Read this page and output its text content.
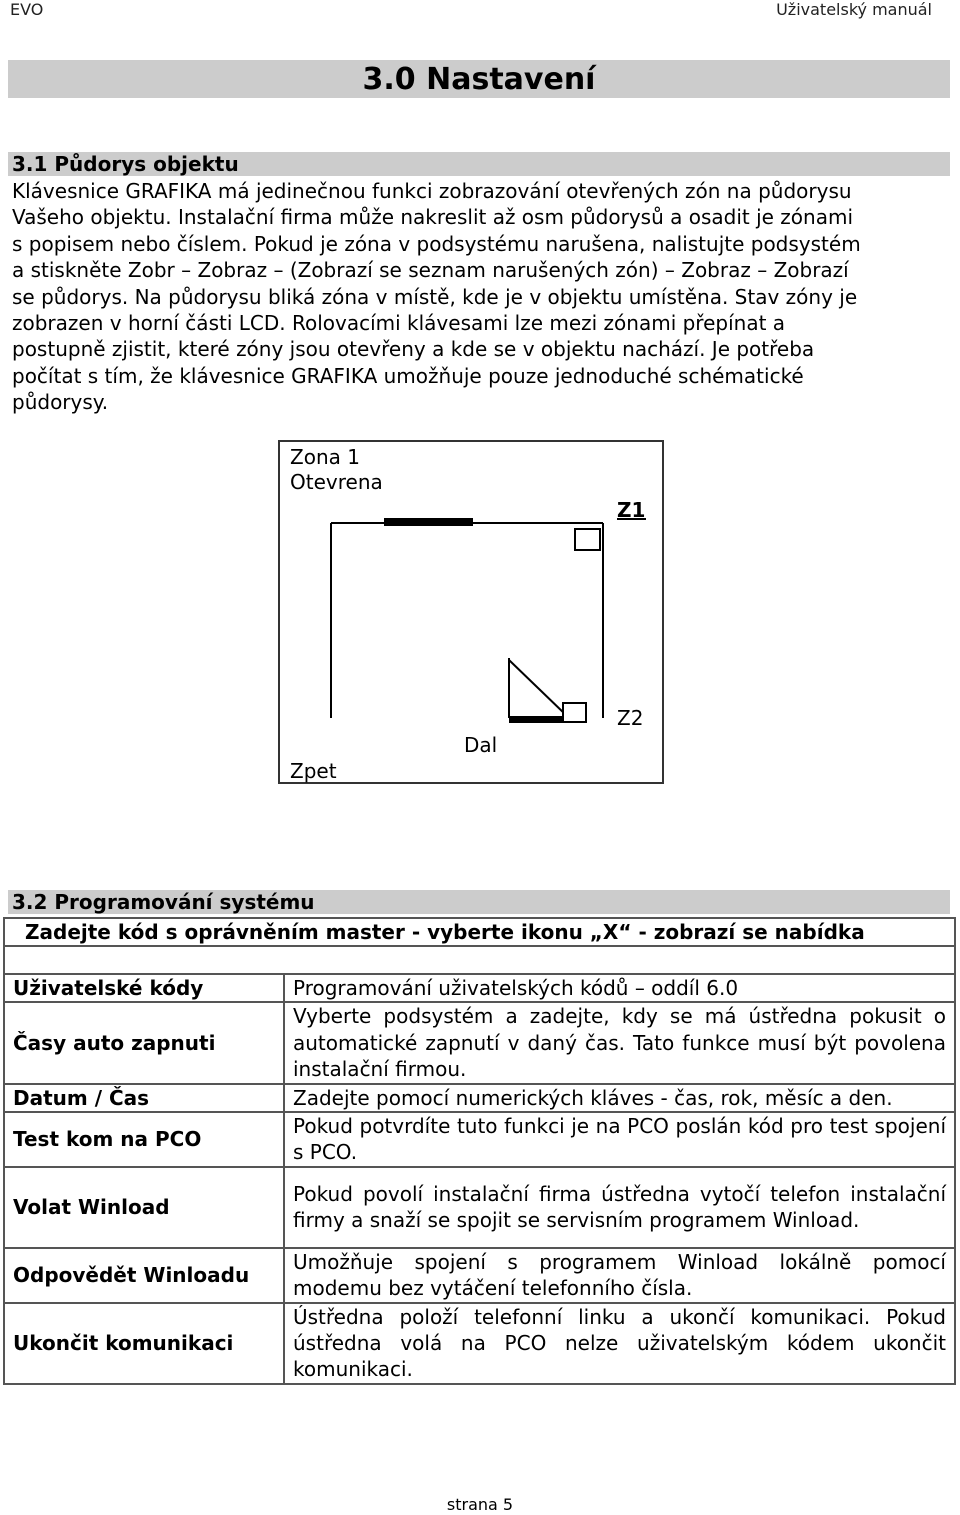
EVO	Uživatelský manuál
3.0 Nastavení
3.1 Půdorys objektu
Klávesnice GRAFIKA má jedinečnou funkci zobrazování otevřených zón na půdorysu
Vašeho objektu. Instalační firma může nakreslit až osm půdorysů a osadit je zónami
s popisem nebo číslem. Pokud je zóna v podsystému narušena, nalistujte podsystém
a stiskněte Zobr – Zobraz – (Zobrazí se seznam narušených zón) – Zobraz – Zobrazí
se půdorys. Na půdorysu bliká zóna v místě, kde je v objektu umístěna. Stav zóny je
zobrazen v horní části LCD. Rolovacími klávesami lze mezi zónami přepínat a
postupně zjistit, které zóny jsou otevřeny a kde se v objektu nachází. Je potřeba
počítat s tím, že klávesnice GRAFIKA umožňuje pouze jednoduché schématické
půdorysy.
Zona 1
Otevrena
Z1
Z2
Dal
Zpet
3.2 Programování systému
Zadejte kód s oprávněním master - vyberte ikonu „X“ - zobrazí se nabídka
Uživatelské kódy	Programování uživatelských kódů – oddíl 6.0
Časy auto zapnuti	Vyberte podsystém a zadejte, kdy se má ústředna pokusit o automatické zapnutí v daný čas. Tato funkce musí být povolena instalační firmou.
Datum / Čas	Zadejte pomocí numerických kláves - čas, rok, měsíc a den.
Test kom na PCO	Pokud potvrdíte tuto funkci je na PCO poslán kód pro test spojení s PCO.
Volat Winload	Pokud povolí instalační firma ústředna vytočí telefon instalační firmy a snaží se spojit se servisním programem Winload.
Odpovědět Winloadu	Umožňuje spojení s programem Winload lokálně pomocí modemu bez vytáčení telefonního čísla.
Ukončit komunikaci	Ústředna položí telefonní linku a ukončí komunikaci. Pokud ústředna volá na PCO nelze uživatelským kódem ukončit komunikaci.
strana 5
